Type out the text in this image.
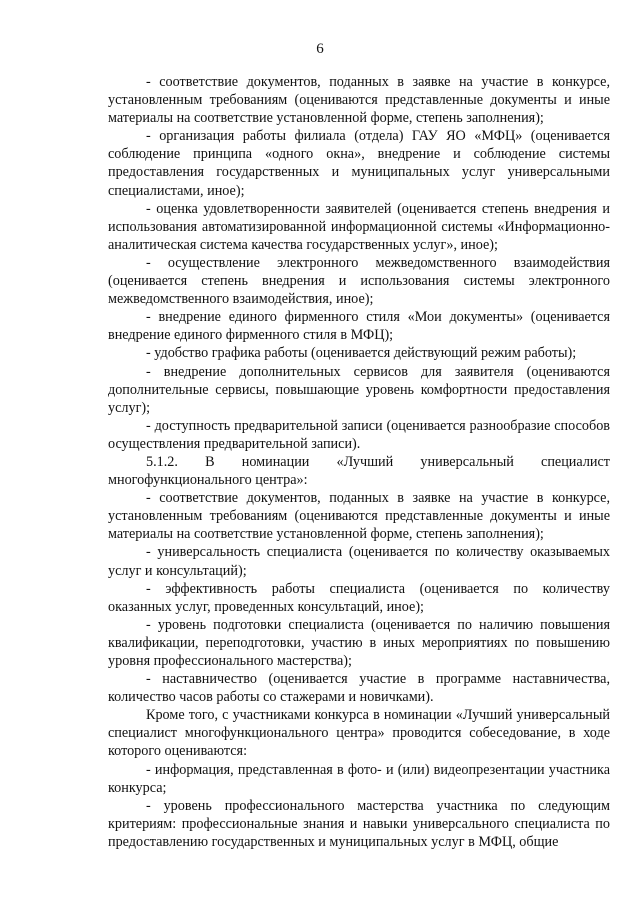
6

- соответствие документов, поданных в заявке на участие в конкурсе, установленным требованиям (оцениваются представленные документы и иные материалы на соответствие установленной форме, степень заполнения);

- организация работы филиала (отдела) ГАУ ЯО «МФЦ» (оценивается соблюдение принципа «одного окна», внедрение и соблюдение системы предоставления государственных и муниципальных услуг универсальными специалистами, иное);

- оценка удовлетворенности заявителей (оценивается степень внедрения и использования автоматизированной информационной системы «Информационно-аналитическая система качества государственных услуг», иное);

- осуществление электронного межведомственного взаимодействия (оценивается степень внедрения и использования системы электронного межведомственного взаимодействия, иное);

- внедрение единого фирменного стиля «Мои документы» (оценивается внедрение единого фирменного стиля в МФЦ);

- удобство графика работы (оценивается действующий режим работы);

- внедрение дополнительных сервисов для заявителя (оцениваются дополнительные сервисы, повышающие уровень комфортности предоставления услуг);

- доступность предварительной записи (оценивается разнообразие способов осуществления предварительной записи).

5.1.2. В номинации «Лучший универсальный специалист многофункционального центра»:

- соответствие документов, поданных в заявке на участие в конкурсе, установленным требованиям (оцениваются представленные документы и иные материалы на соответствие установленной форме, степень заполнения);

- универсальность специалиста (оценивается по количеству оказываемых услуг и консультаций);

- эффективность работы специалиста (оценивается по количеству оказанных услуг, проведенных консультаций, иное);

- уровень подготовки специалиста (оценивается по наличию повышения квалификации, переподготовки, участию в иных мероприятиях по повышению уровня профессионального мастерства);

- наставничество (оценивается участие в программе наставничества, количество часов работы со стажерами и новичками).

Кроме того, с участниками конкурса в номинации «Лучший универсальный специалист многофункционального центра» проводится собеседование, в ходе которого оцениваются:

- информация, представленная в фото- и (или) видеопрезентации участника конкурса;

- уровень профессионального мастерства участника по следующим критериям: профессиональные знания и навыки универсального специалиста по предоставлению государственных и муниципальных услуг в МФЦ, общие
